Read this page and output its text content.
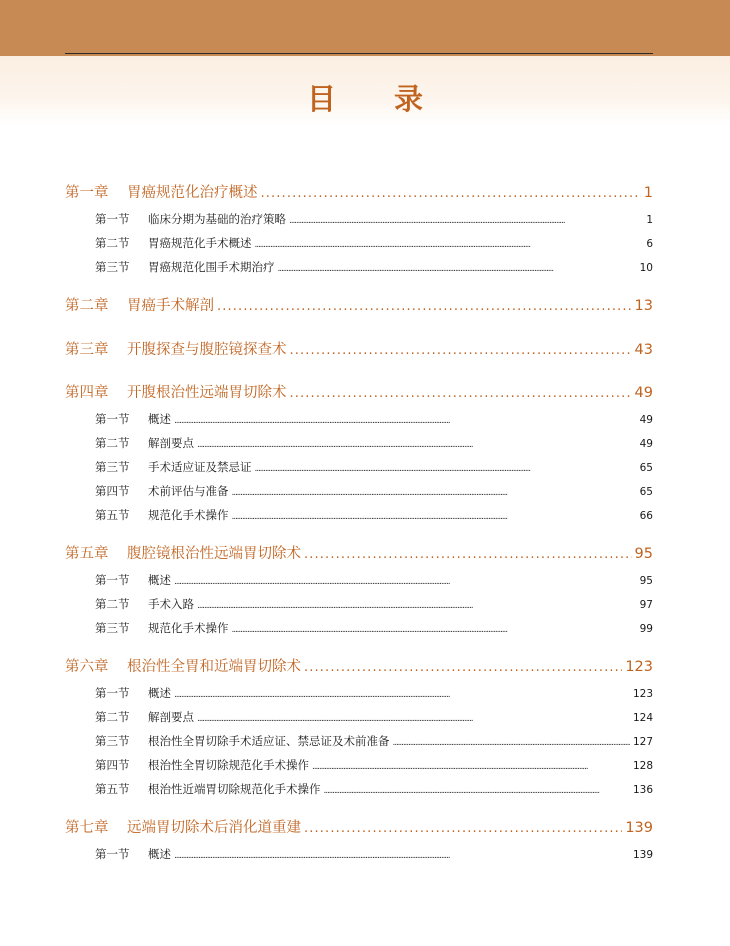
目 录
第一章	胃癌规范化治疗概述 . . .	1
第一节	临床分期为基础的治疗策略 . . .	1
第二节	胃癌规范化手术概述 . . .	6
第三节	胃癌规范化围手术期治疗 . . .	10
第二章	胃癌手术解剖 . . .	13
第三章	开腹探查与腹腔镜探查术 . . .	43
第四章	开腹根治性远端胃切除术 . . .	49
第一节	概述 . . .	49
第二节	解剖要点 . . .	49
第三节	手术适应证及禁忌证 . . .	65
第四节	术前评估与准备 . . .	65
第五节	规范化手术操作 . . .	66
第五章	腹腔镜根治性远端胃切除术 . . .	95
第一节	概述 . . .	95
第二节	手术入路 . . .	97
第三节	规范化手术操作 . . .	99
第六章	根治性全胃和近端胃切除术 . . .	123
第一节	概述 . . .	123
第二节	解剖要点 . . .	124
第三节	根治性全胃切除手术适应证、禁忌证及术前准备 . . .	127
第四节	根治性全胃切除规范化手术操作 . . .	128
第五节	根治性近端胃切除规范化手术操作 . . .	136
第七章	远端胃切除术后消化道重建 . . .	139
第一节	概述 . . .	139
